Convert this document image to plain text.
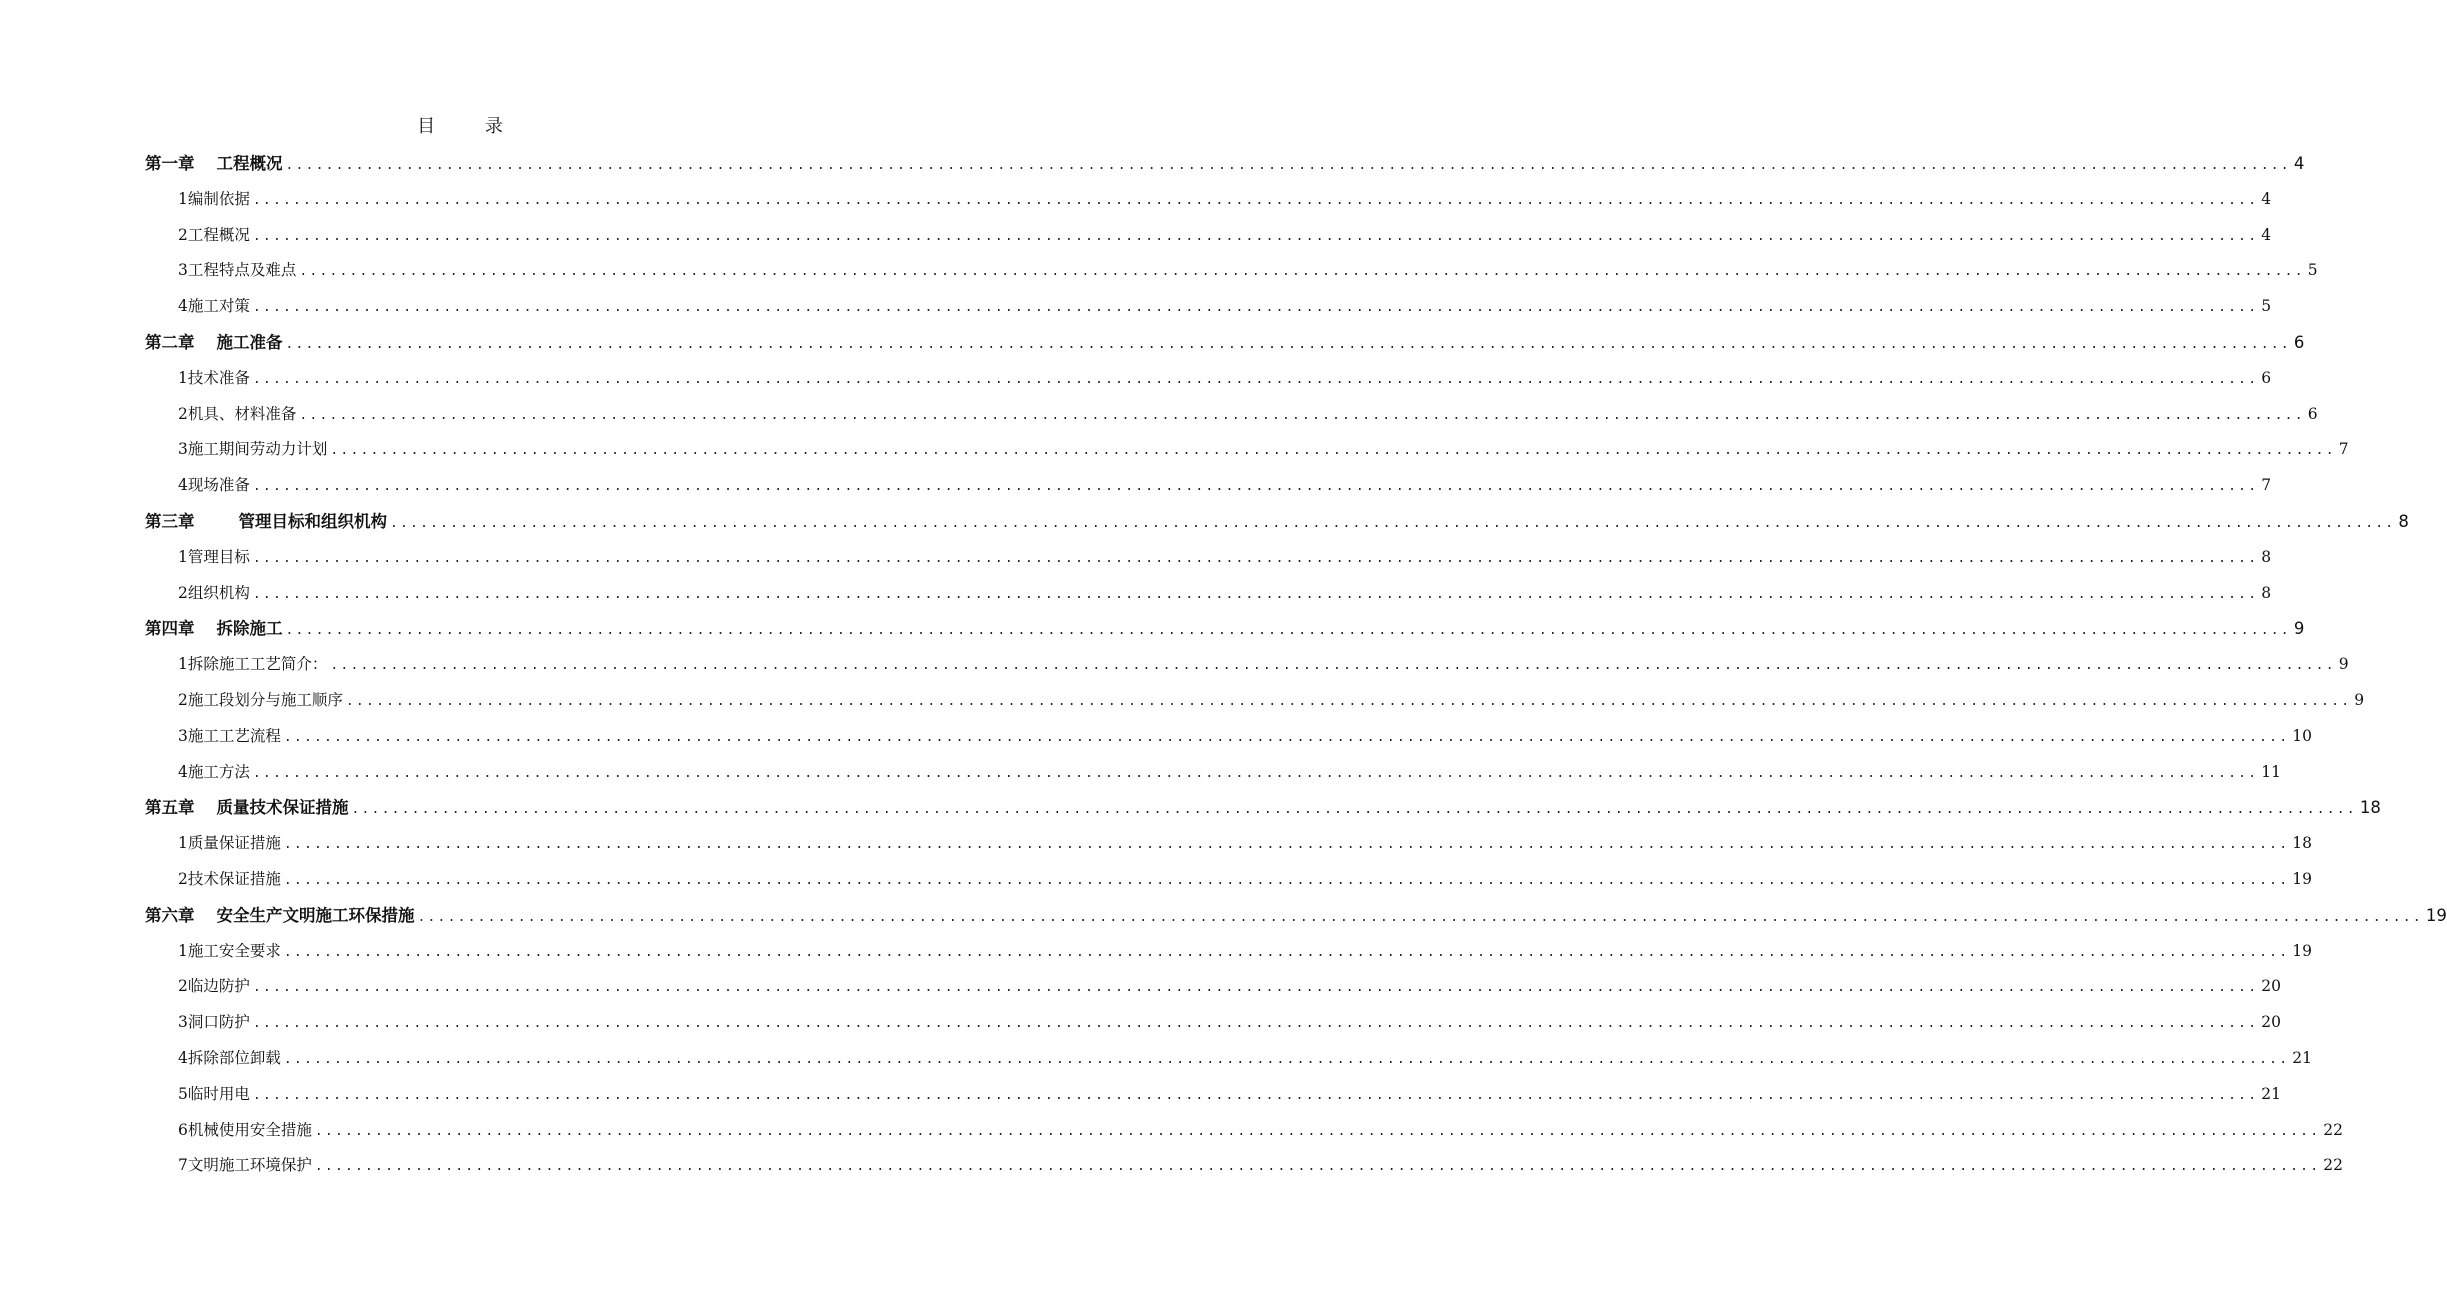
目 录
第一章 工程概况 ........................................................................................................................................................................................................ 4
1 编制依据 ........................................................................................................................................................................................................ 4
2 工程概况 ........................................................................................................................................................................................................ 4
3 工程特点及难点 ........................................................................................................................................................................................................ 5
4 施工对策 ........................................................................................................................................................................................................ 5
第二章 施工准备 ........................................................................................................................................................................................................ 6
1 技术准备 ........................................................................................................................................................................................................ 6
2 机具、材料准备 ........................................................................................................................................................................................................ 6
3 施工期间劳动力计划 ........................................................................................................................................................................................................ 7
4 现场准备 ........................................................................................................................................................................................................ 7
第三章	管理目标和组织机构 ........................................................................................................................................................................................................ 8
1 管理目标 ........................................................................................................................................................................................................ 8
2 组织机构 ........................................................................................................................................................................................................ 8
第四章 拆除施工 ........................................................................................................................................................................................................ 9
1 拆除施工工艺简介： ........................................................................................................................................................................................................ 9
2 施工段划分与施工顺序 ........................................................................................................................................................................................................ 9
3 施工工艺流程 ........................................................................................................................................................................................................ 10
4 施工方法 ........................................................................................................................................................................................................ 11
第五章 质量技术保证措施 ........................................................................................................................................................................................................ 18
1 质量保证措施 ........................................................................................................................................................................................................ 18
2 技术保证措施 ........................................................................................................................................................................................................ 19
第六章 安全生产文明施工环保措施 ........................................................................................................................................................................................................ 19
1 施工安全要求 ........................................................................................................................................................................................................ 19
2 临边防护 ........................................................................................................................................................................................................ 20
3 洞口防护 ........................................................................................................................................................................................................ 20
4 拆除部位卸载 ........................................................................................................................................................................................................ 21
5 临时用电 ........................................................................................................................................................................................................ 21
6 机械使用安全措施 ........................................................................................................................................................................................................ 22
7 文明施工环境保护 ........................................................................................................................................................................................................ 22
